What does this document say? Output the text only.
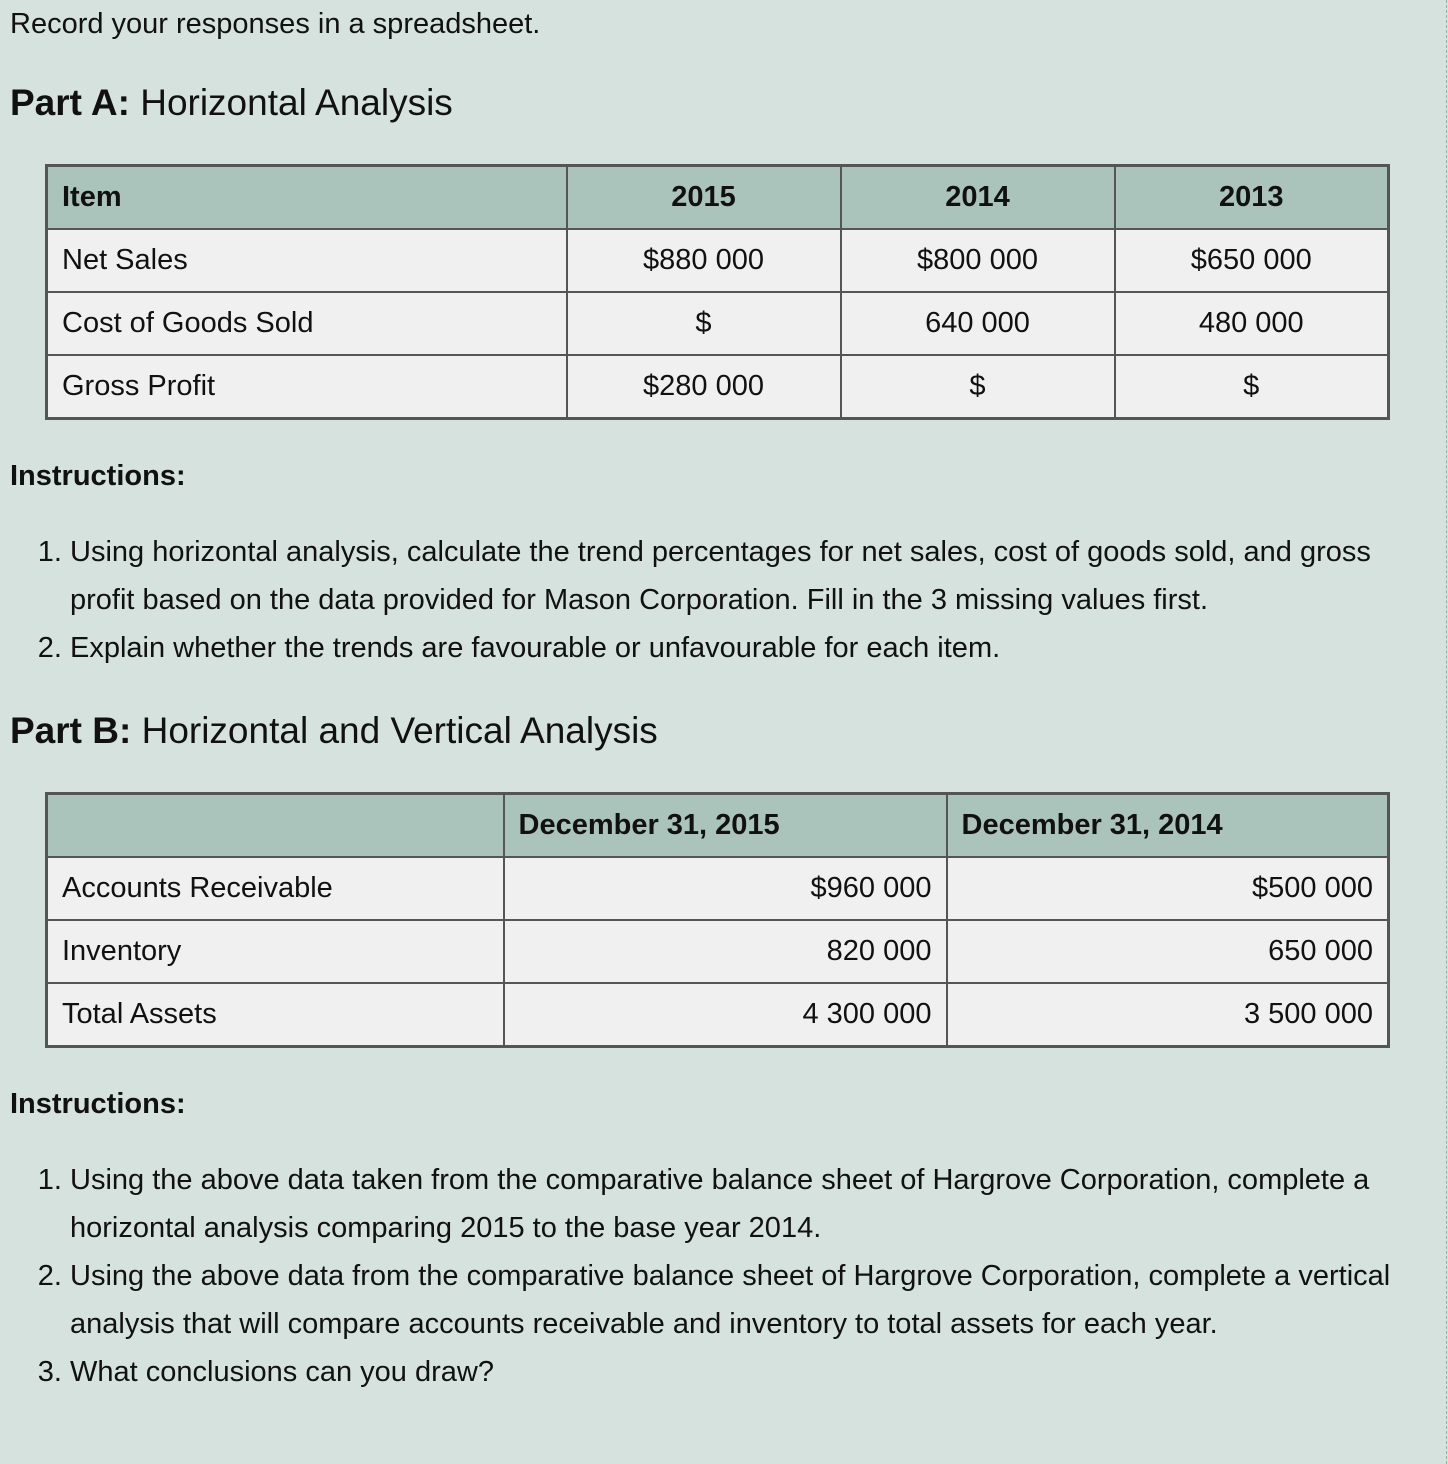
Record your responses in a spreadsheet.

Part A: Horizontal Analysis
Item	2015	2014	2013
Net Sales	$880 000	$800 000	$650 000
Cost of Goods Sold	$	640 000	480 000
Gross Profit	$280 000	$	$

Instructions:

1. Using horizontal analysis, calculate the trend percentages for net sales, cost of goods sold, and gross profit based on the data provided for Mason Corporation. Fill in the 3 missing values first.
2. Explain whether the trends are favourable or unfavourable for each item.
Part B: Horizontal and Vertical Analysis
	December 31, 2015	December 31, 2014
Accounts Receivable	$960 000	$500 000
Inventory	820 000	650 000
Total Assets	4 300 000	3 500 000

Instructions:

1. Using the above data taken from the comparative balance sheet of Hargrove Corporation, complete a horizontal analysis comparing 2015 to the base year 2014.
2. Using the above data from the comparative balance sheet of Hargrove Corporation, complete a vertical analysis that will compare accounts receivable and inventory to total assets for each year.
3. What conclusions can you draw?
